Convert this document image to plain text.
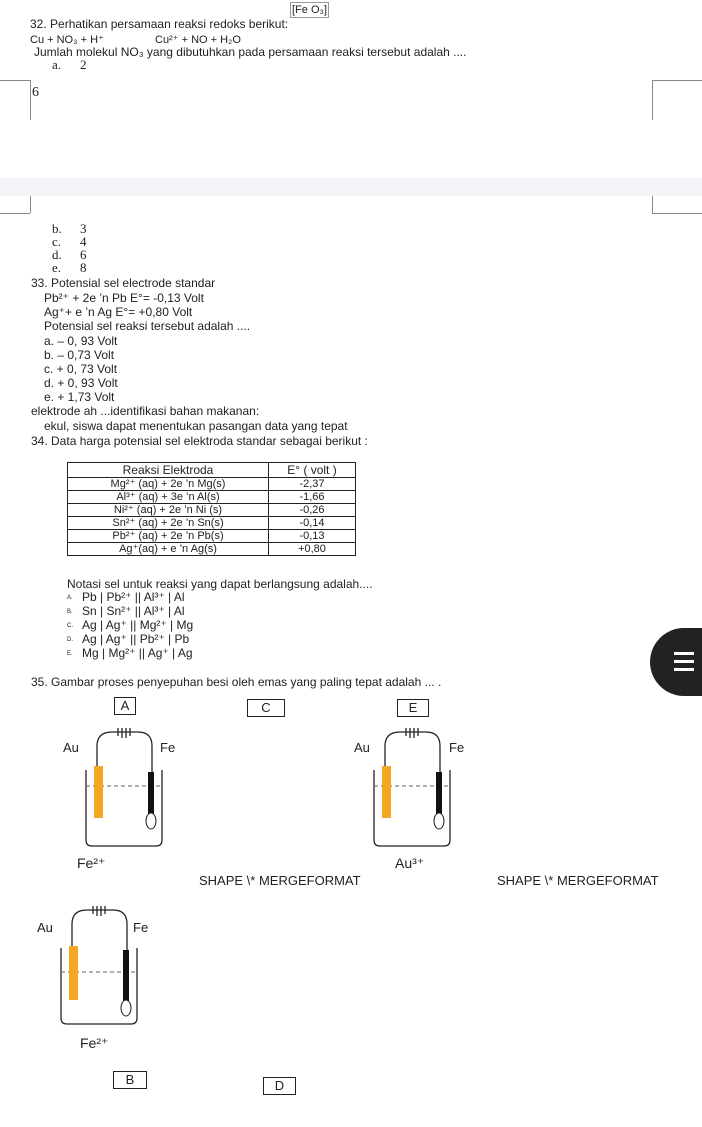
[Fe O₃]
32. Perhatikan persamaan reaksi redoks berikut:
Cu + NO₃ + H⁺	Cu²⁺ + NO + H₂O
Jumlah molekul NO₃ yang dibutuhkan pada persamaan reaksi tersebut adalah ....
a. 2
6
b. 3
c. 4
d. 6
e. 8
33. Potensial sel electrode standar
Pb²⁺ + 2e ’n Pb E°= -0,13 Volt
Ag⁺+ e ’n Ag E°= +0,80 Volt
Potensial sel reaksi tersebut adalah ....
a. – 0, 93 Volt
b. – 0,73 Volt
c. + 0, 73 Volt
d. + 0, 93 Volt
e. + 1,73 Volt
elektrode ah ...identifikasi bahan makanan:
ekul, siswa dapat menentukan pasangan data yang tepat
34. Data harga potensial sel elektroda standar sebagai berikut :
Reaksi Elektroda	E° ( volt )
Mg²⁺ (aq) + 2e ’n Mg(s)	-2,37
Al³⁺ (aq) + 3e ’n Al(s)	-1,66
Ni²⁺ (aq) + 2e ’n Ni (s)	-0,26
Sn²⁺ (aq) + 2e ’n Sn(s)	-0,14
Pb²⁺ (aq) + 2e ’n Pb(s)	-0,13
Ag⁺(aq) + e ’n Ag(s)	+0,80
Notasi sel untuk reaksi yang dapat berlangsung adalah....
A. Pb | Pb²⁺ || Al³⁺ | Al
B. Sn | Sn²⁺ || Al³⁺ | Al
C. Ag | Ag⁺ || Mg²⁺ | Mg
D. Ag | Ag⁺ || Pb²⁺ | Pb
E. Mg | Mg²⁺ || Ag⁺ | Ag
35. Gambar proses penyepuhan besi oleh emas yang paling tepat adalah ... .
A	C	E
Au	Fe
Fe²⁺
Au	Fe
Au³⁺
SHAPE \* MERGEFORMAT	SHAPE \* MERGEFORMAT
Au	Fe
Fe²⁺
B	D
